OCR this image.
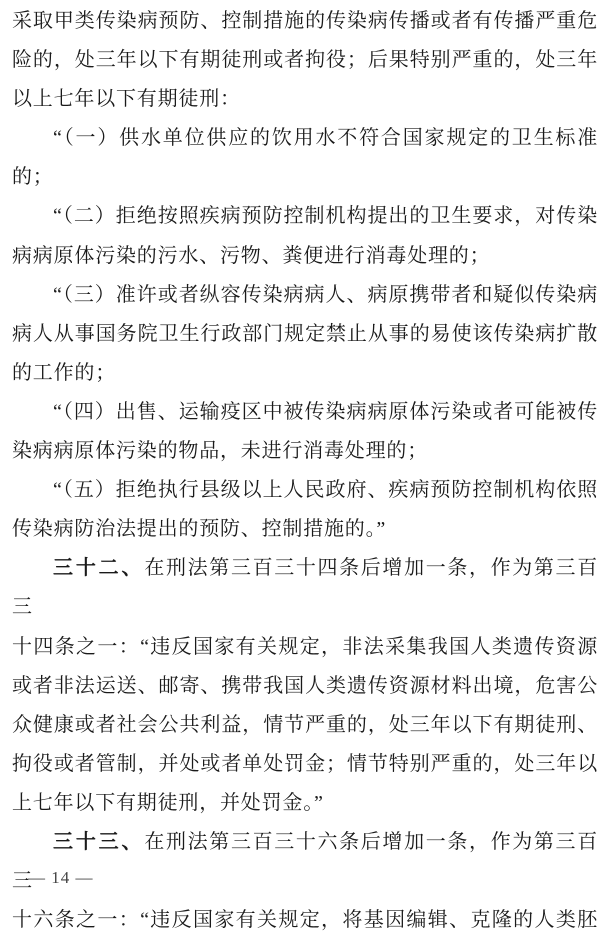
采取甲类传染病预防、控制措施的传染病传播或者有传播严重危
险的，处三年以下有期徒刑或者拘役；后果特别严重的，处三年
以上七年以下有期徒刑：
“（一）供水单位供应的饮用水不符合国家规定的卫生标准
的；
“（二）拒绝按照疾病预防控制机构提出的卫生要求，对传染
病病原体污染的污水、污物、粪便进行消毒处理的；
“（三）准许或者纵容传染病病人、病原携带者和疑似传染病
病人从事国务院卫生行政部门规定禁止从事的易使该传染病扩散
的工作的；
“（四）出售、运输疫区中被传染病病原体污染或者可能被传
染病病原体污染的物品，未进行消毒处理的；
“（五）拒绝执行县级以上人民政府、疾病预防控制机构依照
传染病防治法提出的预防、控制措施的。”
三十二、在刑法第三百三十四条后增加一条，作为第三百三
十四条之一：“违反国家有关规定，非法采集我国人类遗传资源
或者非法运送、邮寄、携带我国人类遗传资源材料出境，危害公
众健康或者社会公共利益，情节严重的，处三年以下有期徒刑、
拘役或者管制，并处或者单处罚金；情节特别严重的，处三年以
上七年以下有期徒刑，并处罚金。”
三十三、在刑法第三百三十六条后增加一条，作为第三百三
十六条之一：“违反国家有关规定，将基因编辑、克隆的人类胚
— 14 —
